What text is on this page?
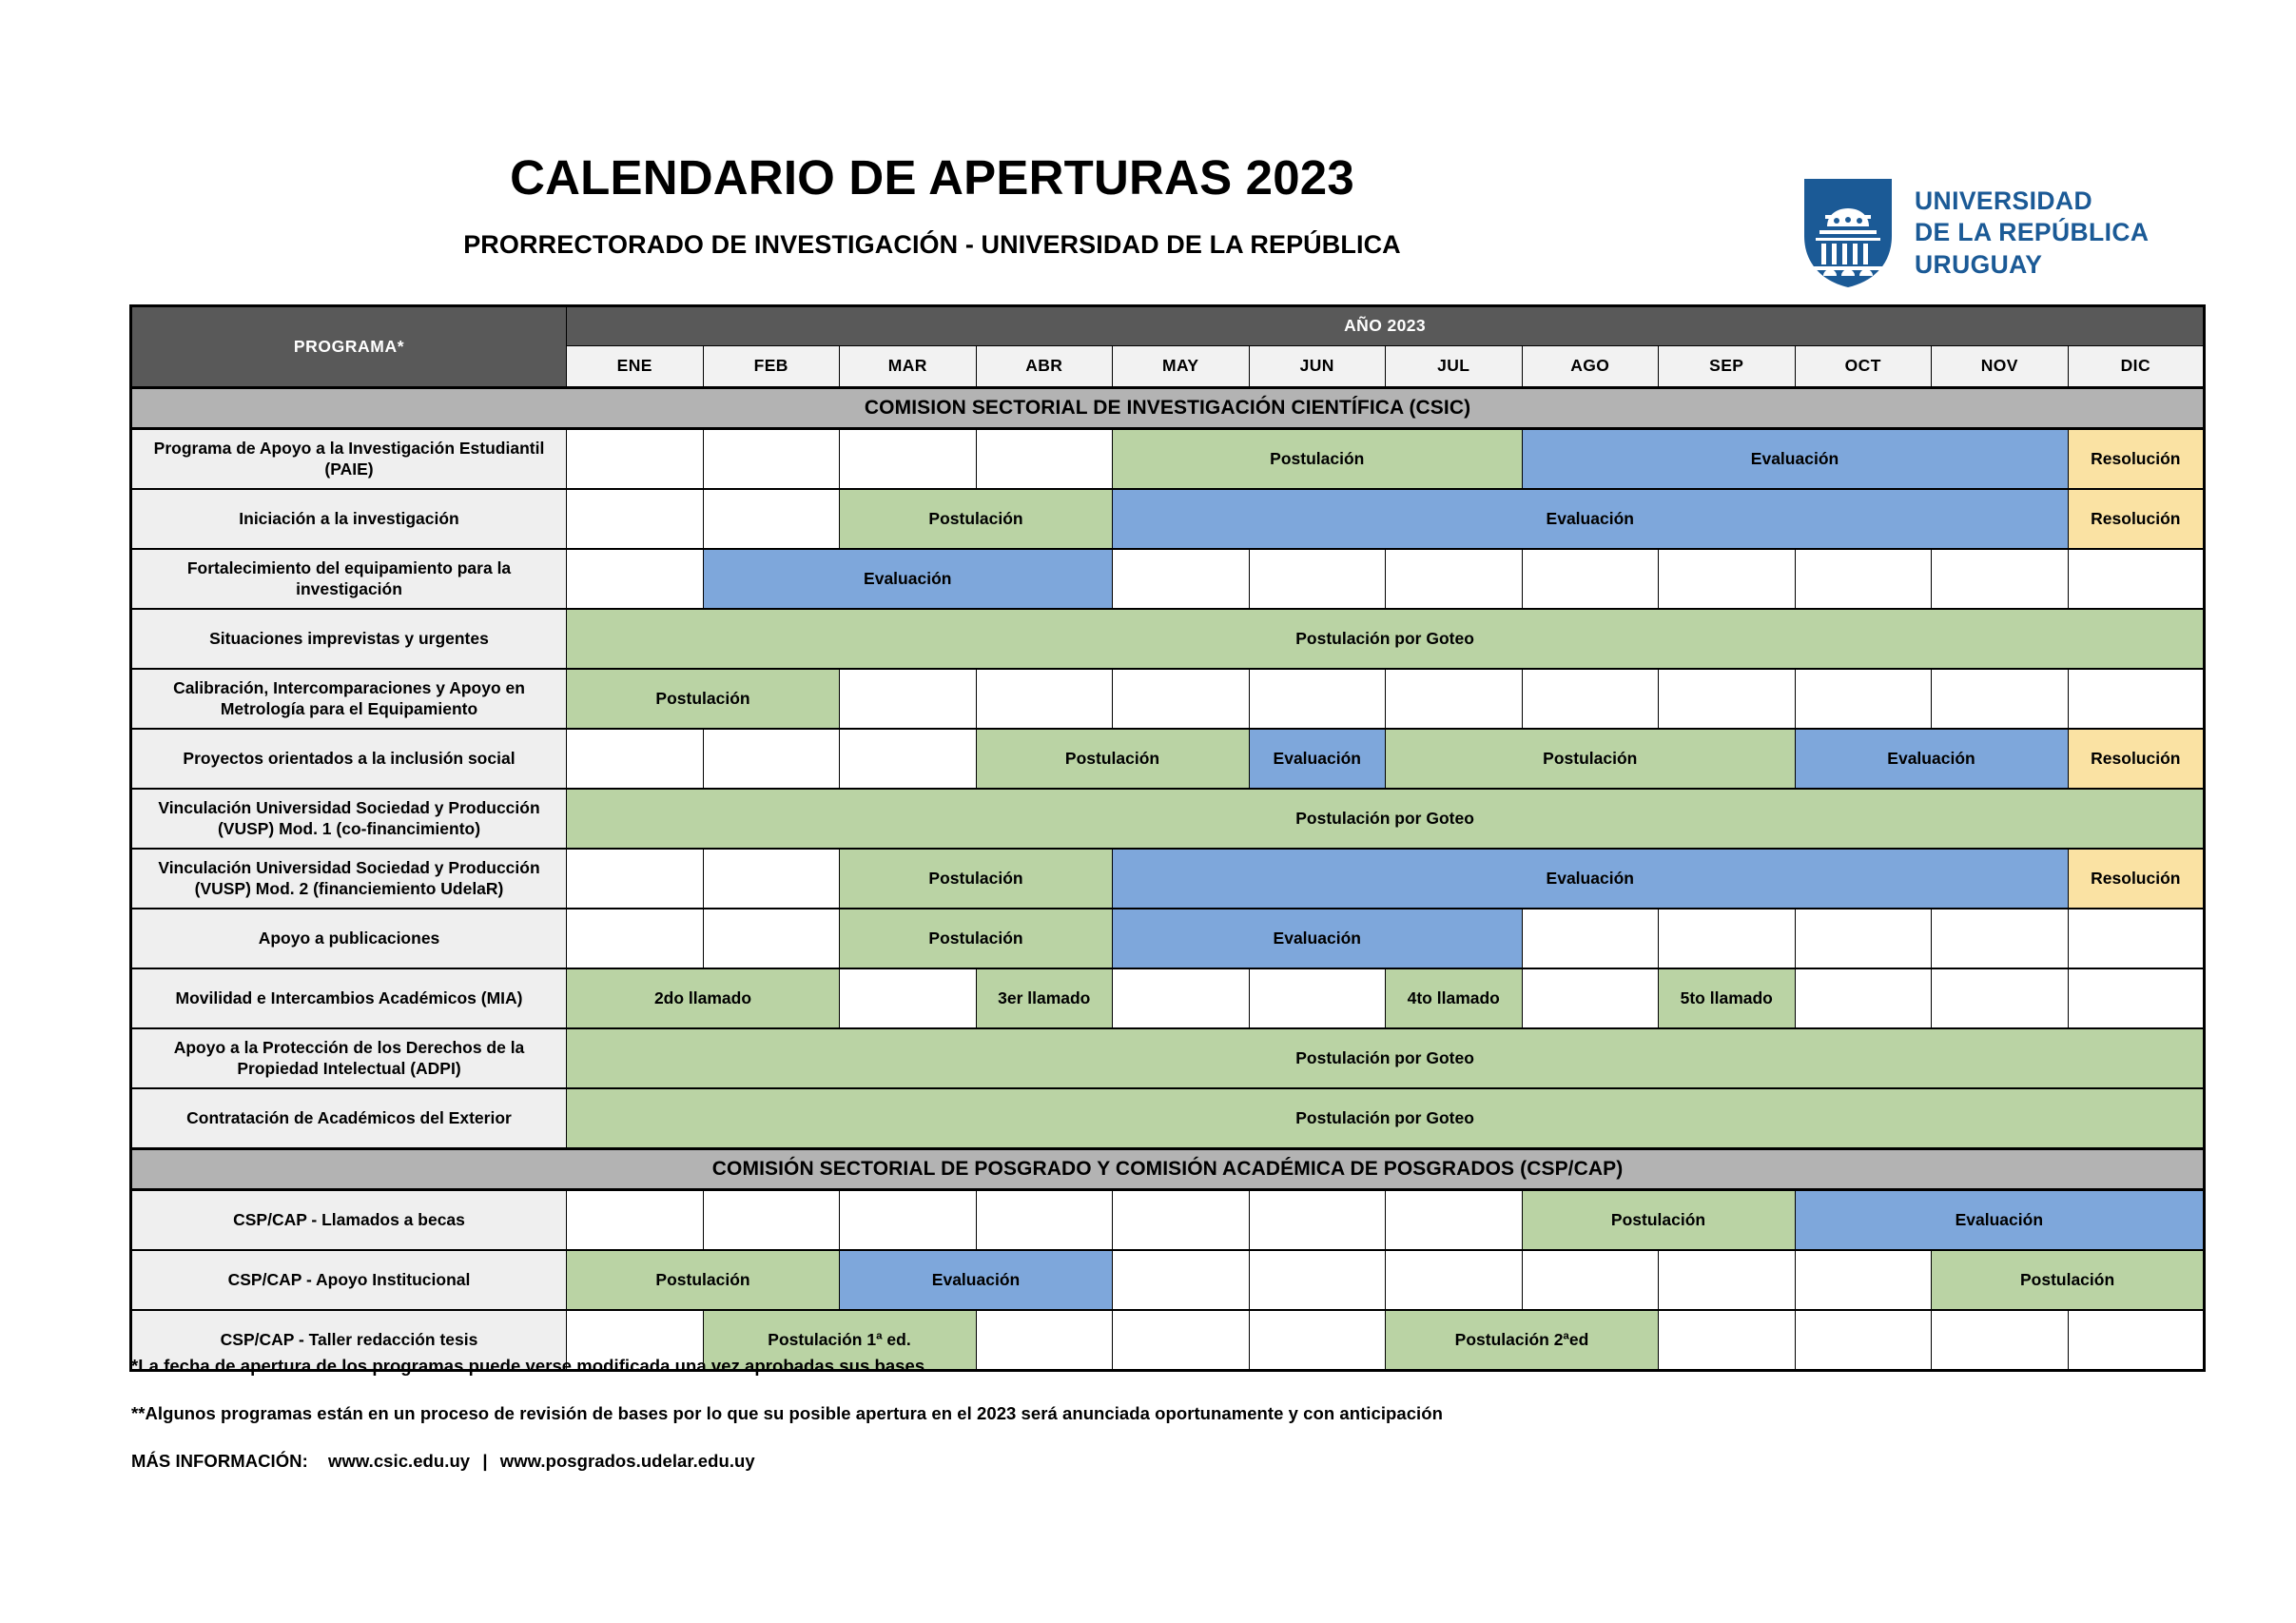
CALENDARIO DE APERTURAS 2023
PRORRECTORADO DE INVESTIGACIÓN - UNIVERSIDAD DE LA REPÚBLICA
UNIVERSIDAD
DE LA REPÚBLICA
URUGUAY
PROGRAMA*	AÑO 2023											
	ENE	FEB	MAR	ABR	MAY	JUN	JUL	AGO	SEP	OCT	NOV	DIC
COMISION SECTORIAL DE INVESTIGACIÓN CIENTÍFICA (CSIC)												
Programa de Apoyo a la Investigación Estudiantil (PAIE)					Postulación			Evaluación				Resolución
Iniciación a la investigación			Postulación		Evaluación							Resolución
Fortalecimiento del equipamiento para la investigación		Evaluación										
Situaciones imprevistas y urgentes	Postulación por Goteo											
Calibración, Intercomparaciones y Apoyo en Metrología para el Equipamiento	Postulación											
Proyectos orientados a la inclusión social				Postulación		Evaluación	Postulación			Evaluación		Resolución
Vinculación Universidad Sociedad y Producción (VUSP) Mod. 1 (co-financimiento)	Postulación por Goteo											
Vinculación Universidad Sociedad y Producción (VUSP) Mod. 2 (financiemiento UdelaR)			Postulación		Evaluación							Resolución
Apoyo a publicaciones			Postulación		Evaluación							
Movilidad e Intercambios Académicos (MIA)	2do llamado			3er llamado			4to llamado		5to llamado			
Apoyo a la Protección de los Derechos de la Propiedad Intelectual (ADPI)	Postulación por Goteo											
Contratación de Académicos del Exterior	Postulación por Goteo											
COMISIÓN SECTORIAL DE POSGRADO Y COMISIÓN ACADÉMICA DE POSGRADOS (CSP/CAP)												
CSP/CAP - Llamados a becas								Postulación		Evaluación		
CSP/CAP - Apoyo Institucional	Postulación		Evaluación								Postulación	
CSP/CAP - Taller redacción tesis		Postulación 1ª ed.					Postulación 2ªed					
*La fecha de apertura de los programas puede verse modificada una vez aprobadas sus bases.
**Algunos programas están en un proceso de revisión de bases por lo que su posible apertura en el 2023 será anunciada oportunamente y con anticipación
MÁS INFORMACIÓN: www.csic.edu.uy | www.posgrados.udelar.edu.uy
